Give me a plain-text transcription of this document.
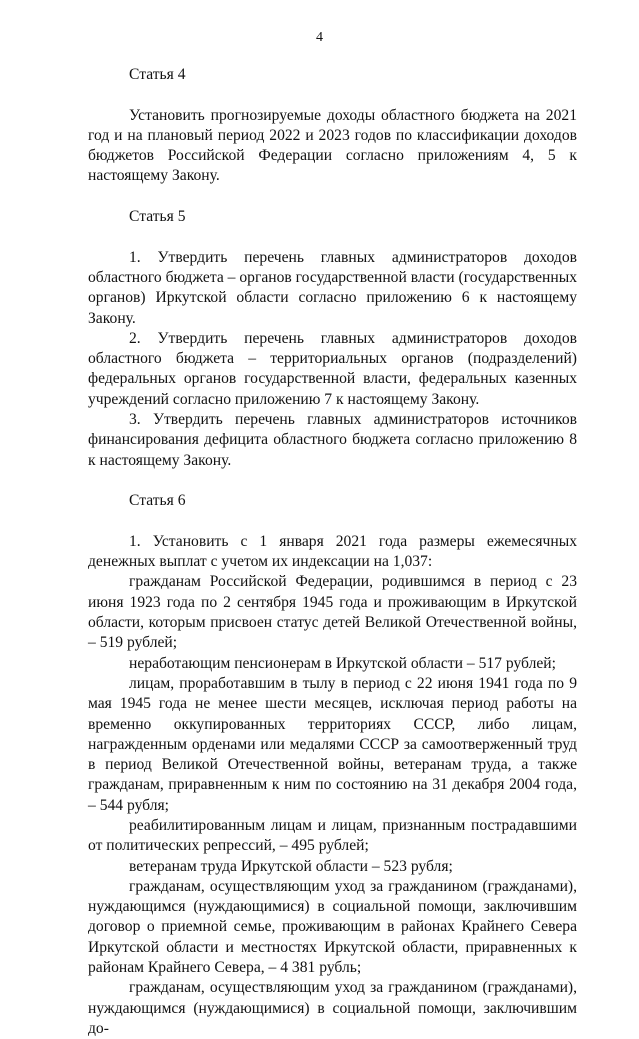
4

Статья 4

Установить прогнозируемые доходы областного бюджета на 2021 год и на плановый период 2022 и 2023 годов по классификации доходов бюджетов Российской Федерации согласно приложениям 4, 5 к настоящему Закону.

Статья 5

1. Утвердить перечень главных администраторов доходов областного бюджета – органов государственной власти (государственных органов) Иркутской области согласно приложению 6 к настоящему Закону.

2. Утвердить перечень главных администраторов доходов областного бюджета – территориальных органов (подразделений) федеральных органов государственной власти, федеральных казенных учреждений согласно приложению 7 к настоящему Закону.

3. Утвердить перечень главных администраторов источников финансирования дефицита областного бюджета согласно приложению 8 к настоящему Закону.

Статья 6

1. Установить с 1 января 2021 года размеры ежемесячных денежных выплат с учетом их индексации на 1,037:

гражданам Российской Федерации, родившимся в период с 23 июня 1923 года по 2 сентября 1945 года и проживающим в Иркутской области, которым присвоен статус детей Великой Отечественной войны, – 519 рублей;

неработающим пенсионерам в Иркутской области – 517 рублей;

лицам, проработавшим в тылу в период с 22 июня 1941 года по 9 мая 1945 года не менее шести месяцев, исключая период работы на временно оккупированных территориях СССР, либо лицам, награжденным орденами или медалями СССР за самоотверженный труд в период Великой Отечественной войны, ветеранам труда, а также гражданам, приравненным к ним по состоянию на 31 декабря 2004 года, – 544 рубля;

реабилитированным лицам и лицам, признанным пострадавшими от политических репрессий, – 495 рублей;

ветеранам труда Иркутской области – 523 рубля;

гражданам, осуществляющим уход за гражданином (гражданами), нуждающимся (нуждающимися) в социальной помощи, заключившим договор о приемной семье, проживающим в районах Крайнего Севера Иркутской области и местностях Иркутской области, приравненных к районам Крайнего Севера, – 4 381 рубль;

гражданам, осуществляющим уход за гражданином (гражданами), нуждающимся (нуждающимися) в социальной помощи, заключившим до-
